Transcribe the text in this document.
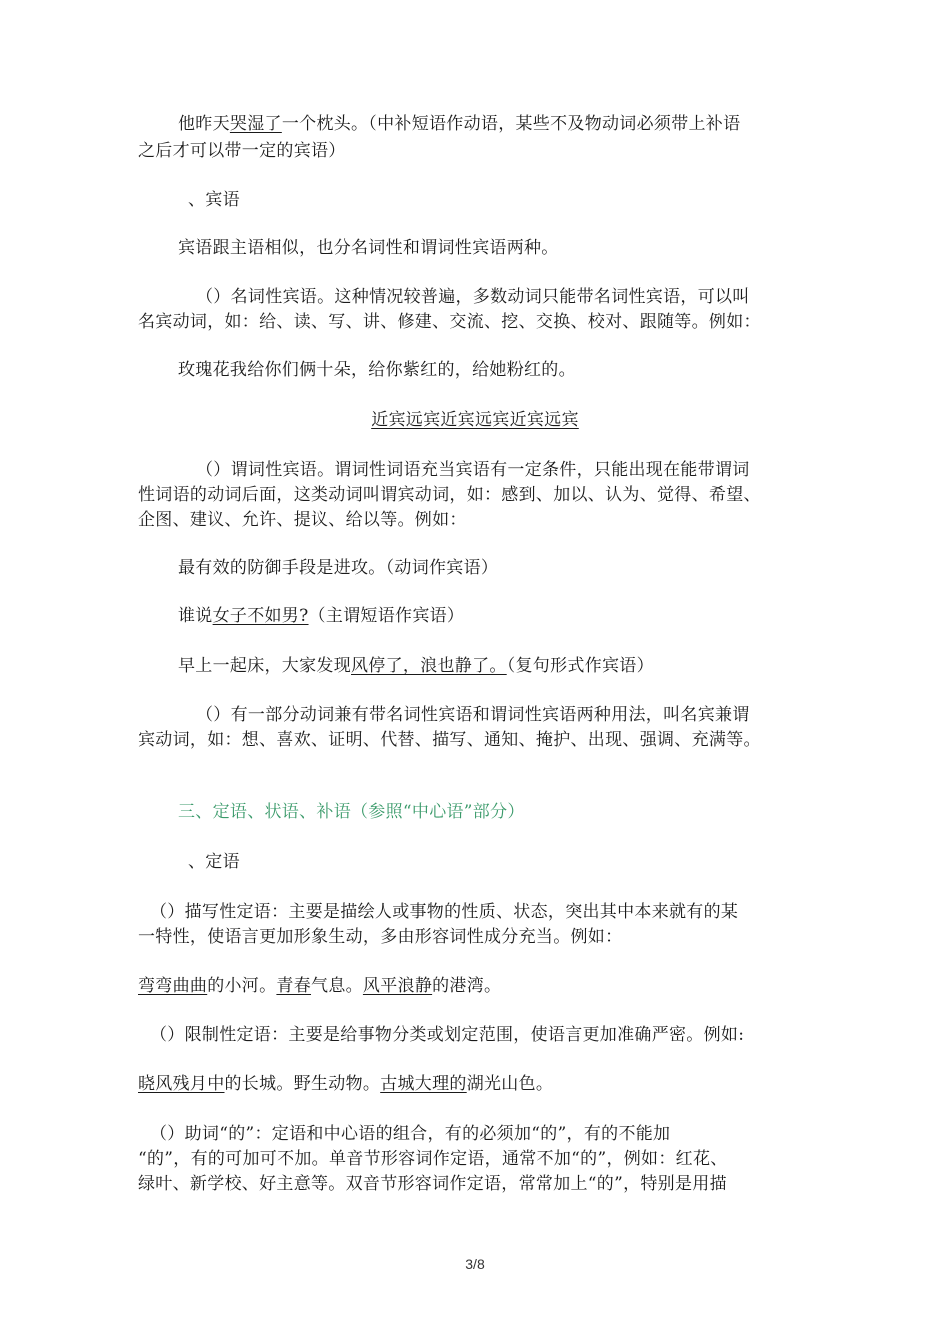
他昨天哭湿了一个枕头。（中补短语作动语，某些不及物动词必须带上补语
之后才可以带一定的宾语）
、宾语
宾语跟主语相似，也分名词性和谓词性宾语两种。
（）名词性宾语。这种情况较普遍，多数动词只能带名词性宾语，可以叫
名宾动词，如：给、读、写、讲、修建、交流、挖、交换、校对、跟随等。例如：
玫瑰花我给你们俩十朵，给你紫红的，给她粉红的。
近宾远宾近宾远宾近宾远宾
（）谓词性宾语。谓词性词语充当宾语有一定条件，只能出现在能带谓词
性词语的动词后面，这类动词叫谓宾动词，如：感到、加以、认为、觉得、希望、
企图、建议、允许、提议、给以等。例如：
最有效的防御手段是进攻。（动词作宾语）
谁说女子不如男?（主谓短语作宾语）
早上一起床，大家发现风停了，浪也静了。（复句形式作宾语）
（）有一部分动词兼有带名词性宾语和谓词性宾语两种用法，叫名宾兼谓
宾动词，如：想、喜欢、证明、代替、描写、通知、掩护、出现、强调、充满等。
三、定语、状语、补语（参照“中心语”部分）
、定语
（）描写性定语：主要是描绘人或事物的性质、状态，突出其中本来就有的某
一特性，使语言更加形象生动，多由形容词性成分充当。例如：
弯弯曲曲的小河。青春气息。风平浪静的港湾。
（）限制性定语：主要是给事物分类或划定范围，使语言更加准确严密。例如:
晓风残月中的长城。野生动物。古城大理的湖光山色。
（）助词“的”：定语和中心语的组合，有的必须加“的”，有的不能加
“的”，有的可加可不加。单音节形容词作定语，通常不加“的”，例如：红花、
绿叶、新学校、好主意等。双音节形容词作定语，常常加上“的”，特别是用描
3/8
